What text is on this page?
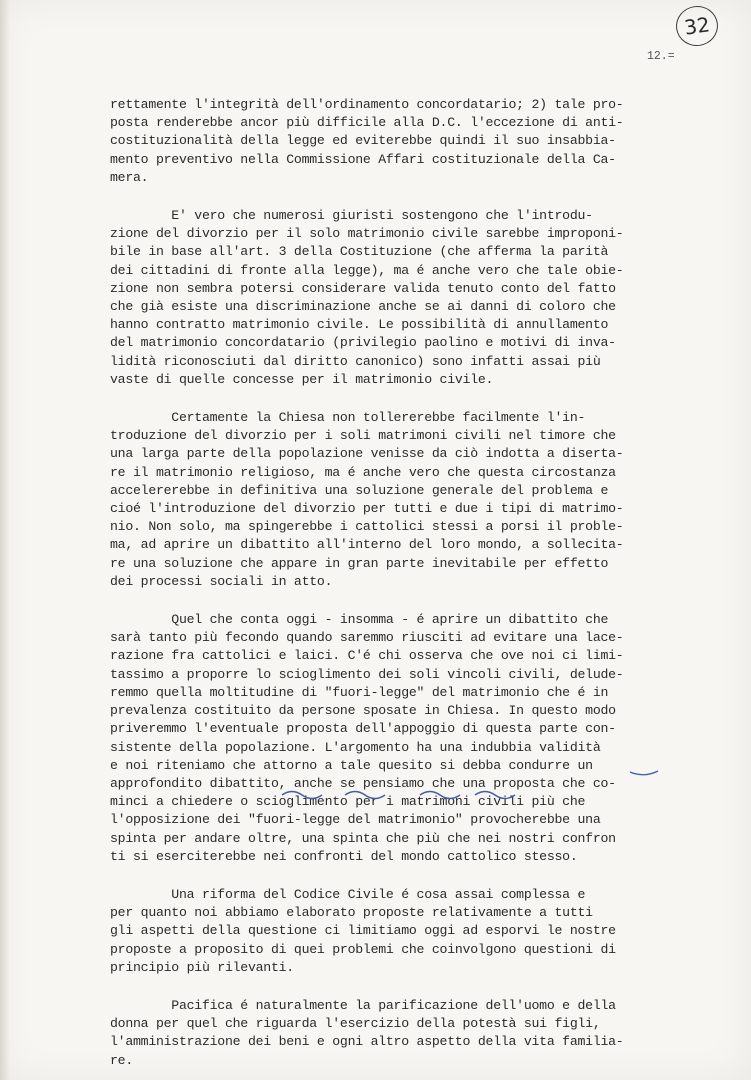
32
12.=

rettamente l'integrità dell'ordinamento concordatario; 2) tale pro-
posta renderebbe ancor più difficile alla D.C. l'eccezione di anti-
costituzionalità della legge ed eviterebbe quindi il suo insabbia-
mento preventivo nella Commissione Affari costituzionale della Ca-
mera.

E' vero che numerosi giuristi sostengono che l'introdu-
zione del divorzio per il solo matrimonio civile sarebbe improponi-
bile in base all'art. 3 della Costituzione (che afferma la parità
dei cittadini di fronte alla legge), ma é anche vero che tale obie-
zione non sembra potersi considerare valida tenuto conto del fatto
che già esiste una discriminazione anche se ai danni di coloro che
hanno contratto matrimonio civile. Le possibilità di annullamento
del matrimonio concordatario (privilegio paolino e motivi di inva-
lidità riconosciuti dal diritto canonico) sono infatti assai più
vaste di quelle concesse per il matrimonio civile.

Certamente la Chiesa non tollererebbe facilmente l'in-
troduzione del divorzio per i soli matrimoni civili nel timore che
una larga parte della popolazione venisse da ciò indotta a diserta-
re il matrimonio religioso, ma é anche vero che questa circostanza
accelererebbe in definitiva una soluzione generale del problema e
cioé l'introduzione del divorzio per tutti e due i tipi di matrimo-
nio. Non solo, ma spingerebbe i cattolici stessi a porsi il proble-
ma, ad aprire un dibattito all'interno del loro mondo, a sollecita-
re una soluzione che appare in gran parte inevitabile per effetto
dei processi sociali in atto.

Quel che conta oggi - insomma - é aprire un dibattito che
sarà tanto più fecondo quando saremmo riusciti ad evitare una lace-
razione fra cattolici e laici. C'é chi osserva che ove noi ci limi-
tassimo a proporre lo scioglimento dei soli vincoli civili, delude-
remmo quella moltitudine di "fuori-legge" del matrimonio che é in
prevalenza costituito da persone sposate in Chiesa. In questo modo
priveremmo l'eventuale proposta dell'appoggio di questa parte con-
sistente della popolazione. L'argomento ha una indubbia validità
e noi riteniamo che attorno a tale quesito si debba condurre un
approfondito dibattito, anche se pensiamo che una proposta che co-
minci a chiedere o scioglimento per i matrimoni civili più che
l'opposizione dei "fuori-legge del matrimonio" provocherebbe una
spinta per andare oltre, una spinta che più che nei nostri confron
ti si eserciterebbe nei confronti del mondo cattolico stesso.

Una riforma del Codice Civile é cosa assai complessa e
per quanto noi abbiamo elaborato proposte relativamente a tutti
gli aspetti della questione ci limitiamo oggi ad esporvi le nostre
proposte a proposito di quei problemi che coinvolgono questioni di
principio più rilevanti.

Pacifica é naturalmente la parificazione dell'uomo e della
donna per quel che riguarda l'esercizio della potestà sui figli,
l'amministrazione dei beni e ogni altro aspetto della vita familia-
re.
